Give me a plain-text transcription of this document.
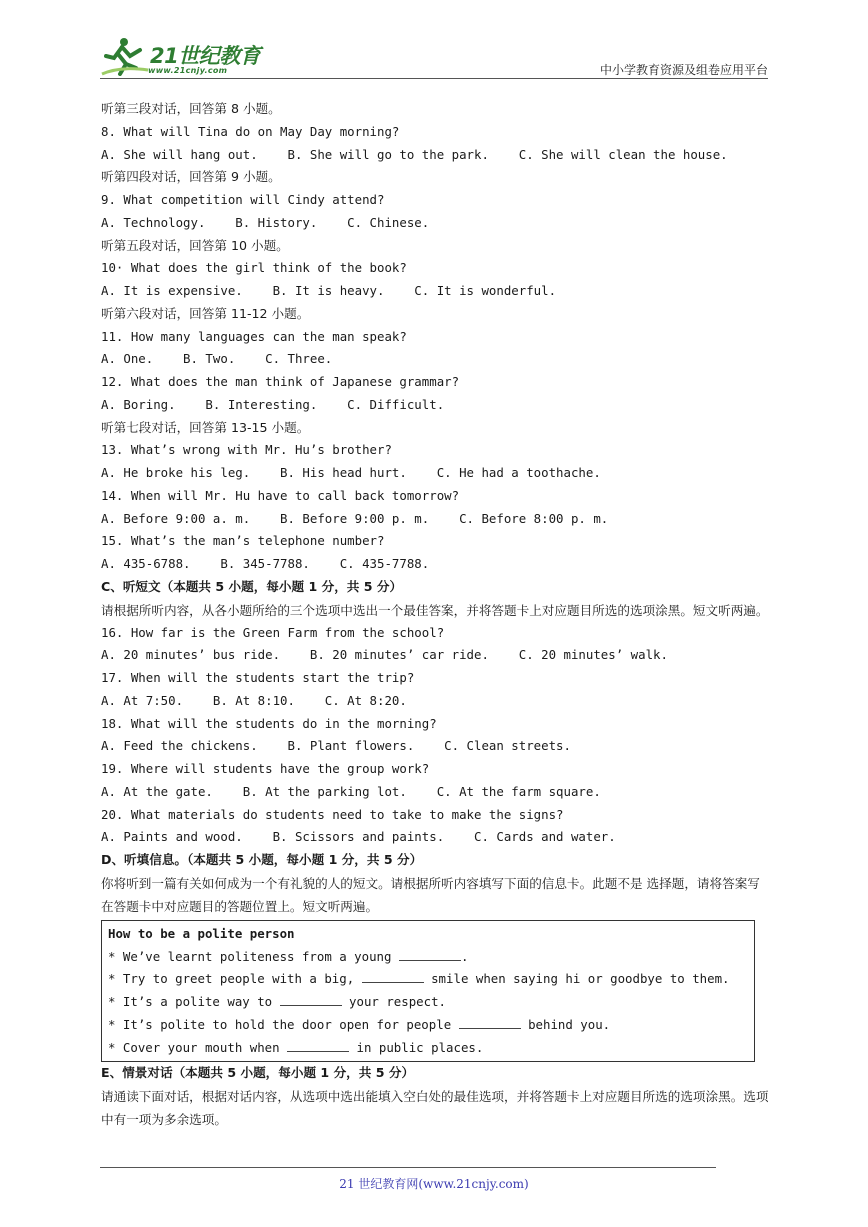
21世纪教育
www.21cnjy.com	中小学教育资源及组卷应用平台
听第三段对话，回答第 8 小题。
8. What will Tina do on May Day morning?
A. She will hang out.    B. She will go to the park.    C. She will clean the house.
听第四段对话，回答第 9 小题。
9. What competition will Cindy attend?
A. Technology.    B. History.    C. Chinese.
听第五段对话，回答第 10 小题。
10· What does the girl think of the book?
A. It is expensive.    B. It is heavy.    C. It is wonderful.
听第六段对话，回答第 11-12 小题。
11. How many languages can the man speak?
A. One.    B. Two.    C. Three.
12. What does the man think of Japanese grammar?
A. Boring.    B. Interesting.    C. Difficult.
听第七段对话，回答第 13-15 小题。
13. What’s wrong with Mr. Hu’s brother?
A. He broke his leg.    B. His head hurt.    C. He had a toothache.
14. When will Mr. Hu have to call back tomorrow?
A. Before 9:00 a. m.    B. Before 9:00 p. m.    C. Before 8:00 p. m.
15. What’s the man’s telephone number?
A. 435-6788.    B. 345-7788.    C. 435-7788.
C、听短文（本题共 5 小题，每小题 1 分，共 5 分）
请根据所听内容，从各小题所给的三个选项中选出一个最佳答案，并将答题卡上对应题目所选的选项涂黑。短文听两遍。
16. How far is the Green Farm from the school?
A. 20 minutes’ bus ride.    B. 20 minutes’ car ride.    C. 20 minutes’ walk.
17. When will the students start the trip?
A. At 7:50.    B. At 8:10.    C. At 8:20.
18. What will the students do in the morning?
A. Feed the chickens.    B. Plant flowers.    C. Clean streets.
19. Where will students have the group work?
A. At the gate.    B. At the parking lot.    C. At the farm square.
20. What materials do students need to take to make the signs?
A. Paints and wood.    B. Scissors and paints.    C. Cards and water.
D、听填信息。（本题共 5 小题，每小题 1 分，共 5 分）
你将听到一篇有关如何成为一个有礼貌的人的短文。请根据所听内容填写下面的信息卡。此题不是 选择题，请将答案写在答题卡中对应题目的答题位置上。短文听两遍。
How to be a polite person
* We’ve learnt politeness from a young	.
* Try to greet people with a big,	smile when saying hi or goodbye to them.
* It’s a polite way to	your respect.
* It’s polite to hold the door open for people	behind you.
* Cover your mouth when	in public places.
E、情景对话（本题共 5 小题，每小题 1 分，共 5 分）
请通读下面对话，根据对话内容，从选项中选出能填入空白处的最佳选项，并将答题卡上对应题目所选的选项涂黑。选项中有一项为多余选项。
21 世纪教育网(www.21cnjy.com)
